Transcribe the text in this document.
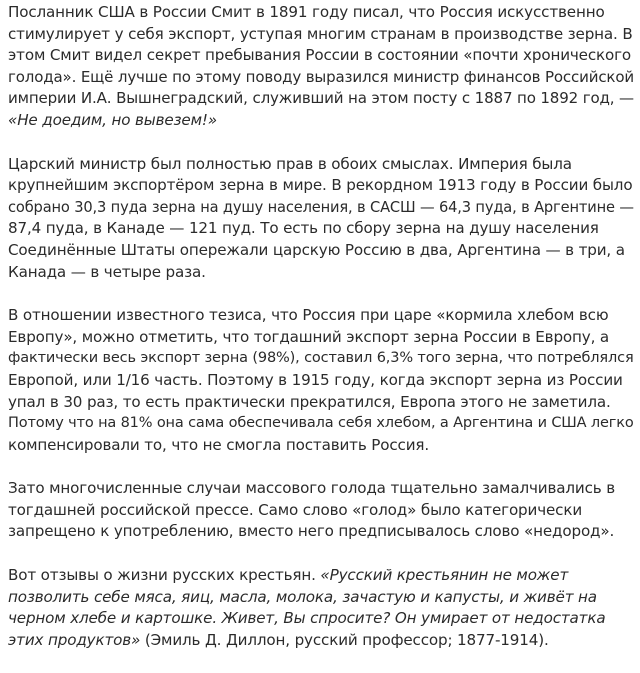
Посланник США в России Смит в 1891 году писал, что Россия искусственно
стимулирует у себя экспорт, уступая многим странам в производстве зерна. В
этом Смит видел секрет пребывания России в состоянии «почти хронического
голода». Ещё лучше по этому поводу выразился министр финансов Российской
империи И.А. Вышнеградский, служивший на этом посту с 1887 по 1892 год, —
«Не доедим, но вывезем!»

Царский министр был полностью прав в обоих смыслах. Империя была
крупнейшим экспортёром зерна в мире. В рекордном 1913 году в России было
собрано 30,3 пуда зерна на душу населения, в САСШ — 64,3 пуда, в Аргентине —
87,4 пуда, в Канаде — 121 пуд. То есть по сбору зерна на душу населения
Соединённые Штаты опережали царскую Россию в два, Аргентина — в три, а
Канада — в четыре раза.

В отношении известного тезиса, что Россия при царе «кормила хлебом всю
Европу», можно отметить, что тогдашний экспорт зерна России в Европу, а
фактически весь экспорт зерна (98%), составил 6,3% того зерна, что потреблялся
Европой, или 1/16 часть. Поэтому в 1915 году, когда экспорт зерна из России
упал в 30 раз, то есть практически прекратился, Европа этого не заметила.
Потому что на 81% она сама обеспечивала себя хлебом, а Аргентина и США легко
компенсировали то, что не смогла поставить Россия.

Зато многочисленные случаи массового голода тщательно замалчивались в
тогдашней российской прессе. Само слово «голод» было категорически
запрещено к употреблению, вместо него предписывалось слово «недород».

Вот отзывы о жизни русских крестьян. «Русский крестьянин не может
позволить себе мяса, яиц, масла, молока, зачастую и капусты, и живёт на
черном хлебе и картошке. Живет, Вы спросите? Он умирает от недостатка
этих продуктов» (Эмиль Д. Диллон, русский профессор; 1877-1914).
